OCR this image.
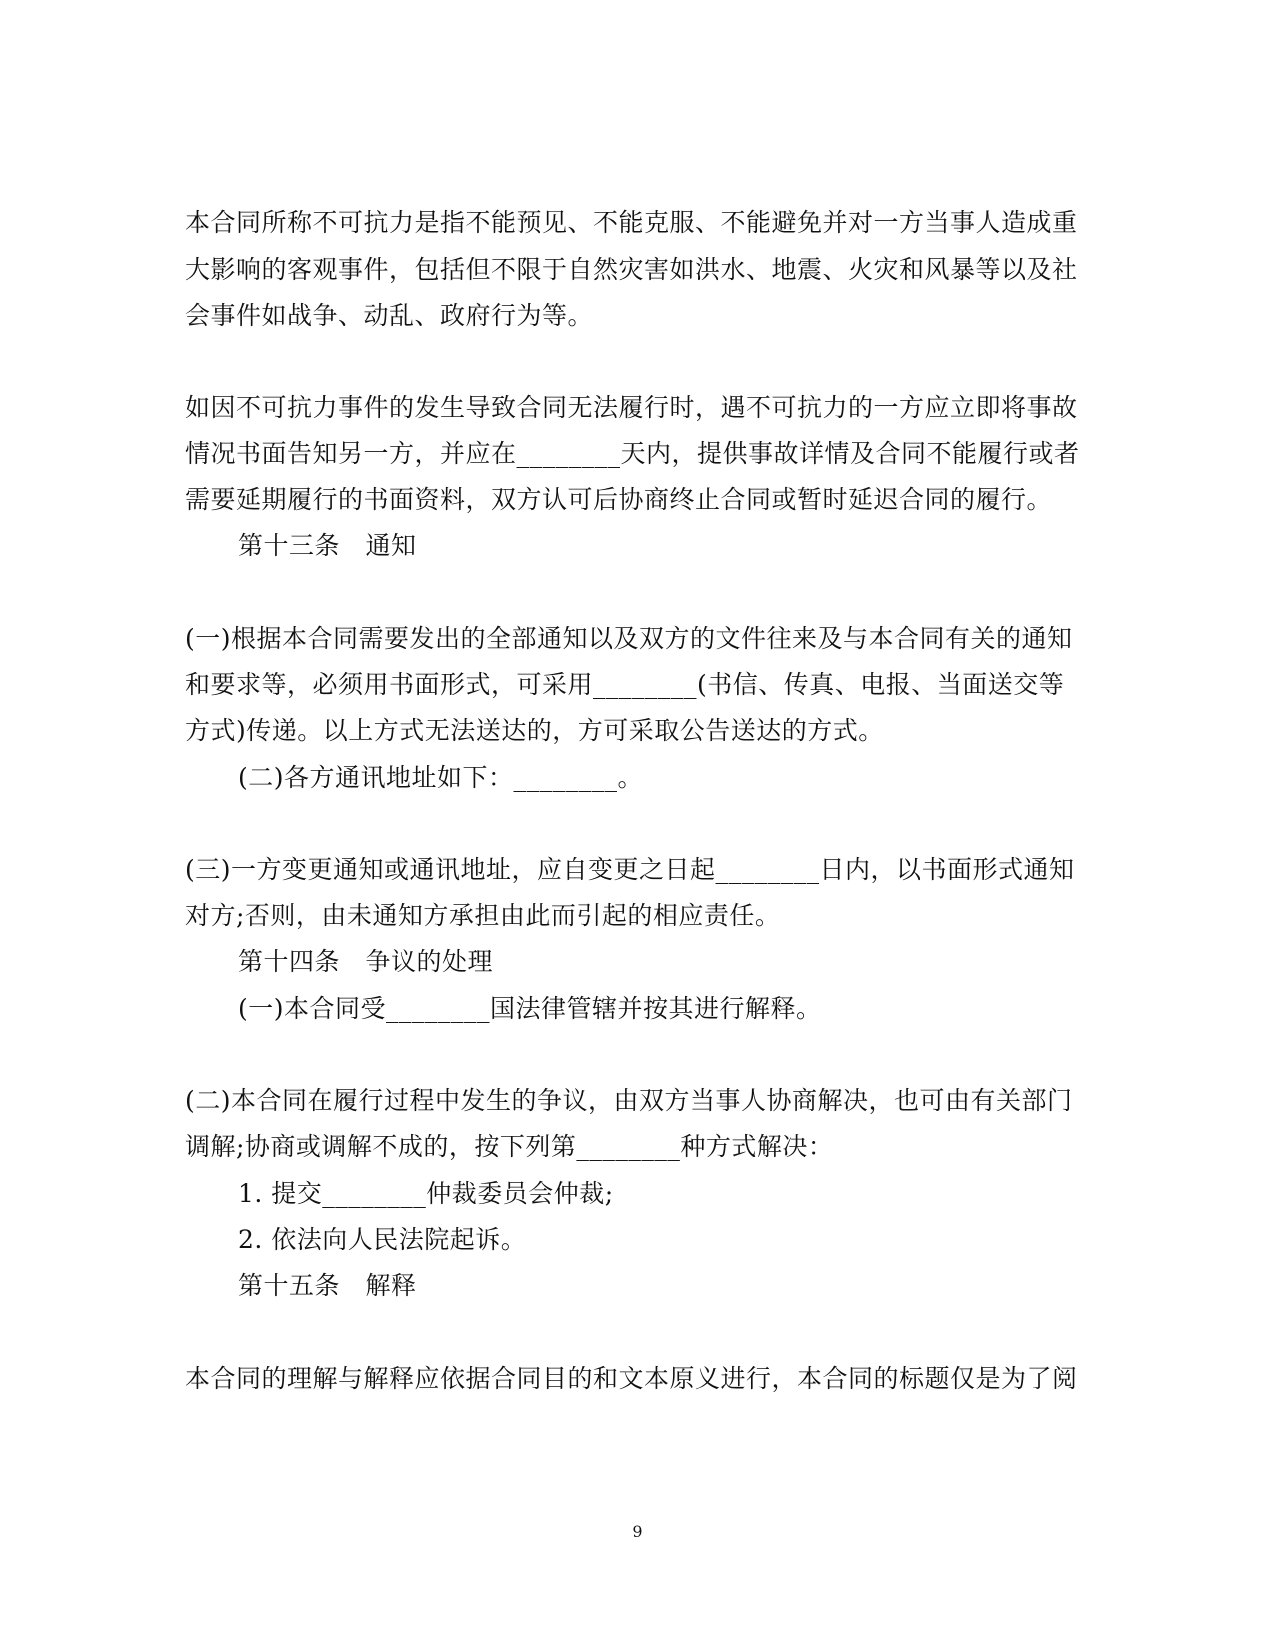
本合同所称不可抗力是指不能预见、不能克服、不能避免并对一方当事人造成重
大影响的客观事件，包括但不限于自然灾害如洪水、地震、火灾和风暴等以及社
会事件如战争、动乱、政府行为等。
如因不可抗力事件的发生导致合同无法履行时，遇不可抗力的一方应立即将事故
情况书面告知另一方，并应在________天内，提供事故详情及合同不能履行或者
需要延期履行的书面资料，双方认可后协商终止合同或暂时延迟合同的履行。
第十三条　通知
(一)根据本合同需要发出的全部通知以及双方的文件往来及与本合同有关的通知
和要求等，必须用书面形式，可采用________(书信、传真、电报、当面送交等
方式)传递。以上方式无法送达的，方可采取公告送达的方式。
(二)各方通讯地址如下：________。
(三)一方变更通知或通讯地址，应自变更之日起________日内，以书面形式通知
对方;否则，由未通知方承担由此而引起的相应责任。
第十四条　争议的处理
(一)本合同受________国法律管辖并按其进行解释。
(二)本合同在履行过程中发生的争议，由双方当事人协商解决，也可由有关部门
调解;协商或调解不成的，按下列第________种方式解决：
1. 提交________仲裁委员会仲裁;
2. 依法向人民法院起诉。
第十五条　解释
本合同的理解与解释应依据合同目的和文本原义进行，本合同的标题仅是为了阅
9
